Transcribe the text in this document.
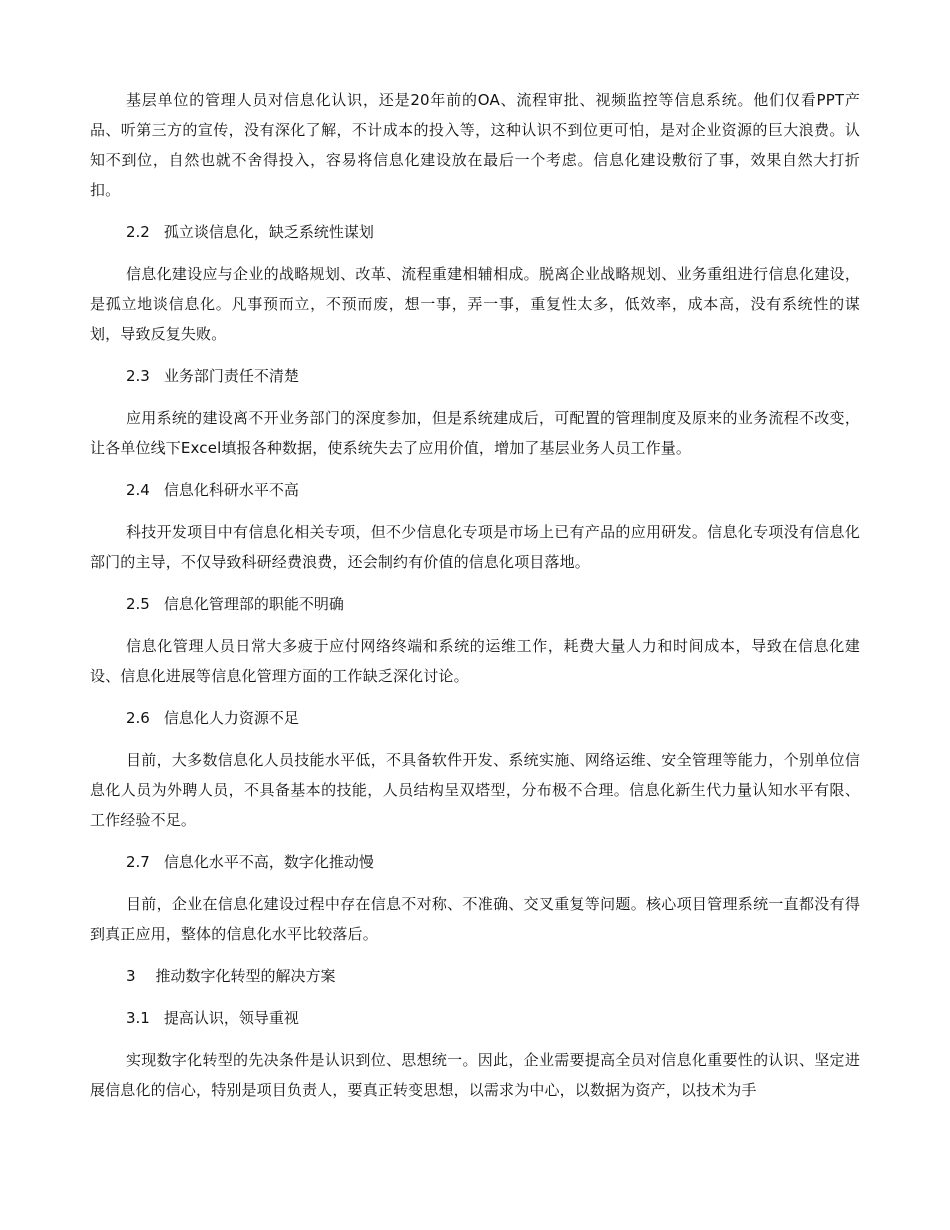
基层单位的管理人员对信息化认识，还是20年前的OA、流程审批、视频监控等信息系统。他们仅看PPT产品、听第三方的宣传，没有深化了解，不计成本的投入等，这种认识不到位更可怕，是对企业资源的巨大浪费。认知不到位，自然也就不舍得投入，容易将信息化建设放在最后一个考虑。信息化建设敷衍了事，效果自然大打折扣。

2.2 孤立谈信息化，缺乏系统性谋划

信息化建设应与企业的战略规划、改革、流程重建相辅相成。脱离企业战略规划、业务重组进行信息化建设，是孤立地谈信息化。凡事预而立，不预而废，想一事，弄一事，重复性太多，低效率，成本高，没有系统性的谋划，导致反复失败。

2.3 业务部门责任不清楚

应用系统的建设离不开业务部门的深度参加，但是系统建成后，可配置的管理制度及原来的业务流程不改变，让各单位线下Excel填报各种数据，使系统失去了应用价值，增加了基层业务人员工作量。

2.4 信息化科研水平不高

科技开发项目中有信息化相关专项，但不少信息化专项是市场上已有产品的应用研发。信息化专项没有信息化部门的主导，不仅导致科研经费浪费，还会制约有价值的信息化项目落地。

2.5 信息化管理部的职能不明确

信息化管理人员日常大多疲于应付网络终端和系统的运维工作，耗费大量人力和时间成本，导致在信息化建设、信息化进展等信息化管理方面的工作缺乏深化讨论。

2.6 信息化人力资源不足

目前，大多数信息化人员技能水平低，不具备软件开发、系统实施、网络运维、安全管理等能力，个别单位信息化人员为外聘人员，不具备基本的技能，人员结构呈双塔型，分布极不合理。信息化新生代力量认知水平有限、工作经验不足。

2.7 信息化水平不高，数字化推动慢

目前，企业在信息化建设过程中存在信息不对称、不准确、交叉重复等问题。核心项目管理系统一直都没有得到真正应用，整体的信息化水平比较落后。

3 推动数字化转型的解决方案

3.1 提高认识，领导重视

实现数字化转型的先决条件是认识到位、思想统一。因此，企业需要提高全员对信息化重要性的认识、坚定进展信息化的信心，特别是项目负责人，要真正转变思想，以需求为中心，以数据为资产，以技术为手
